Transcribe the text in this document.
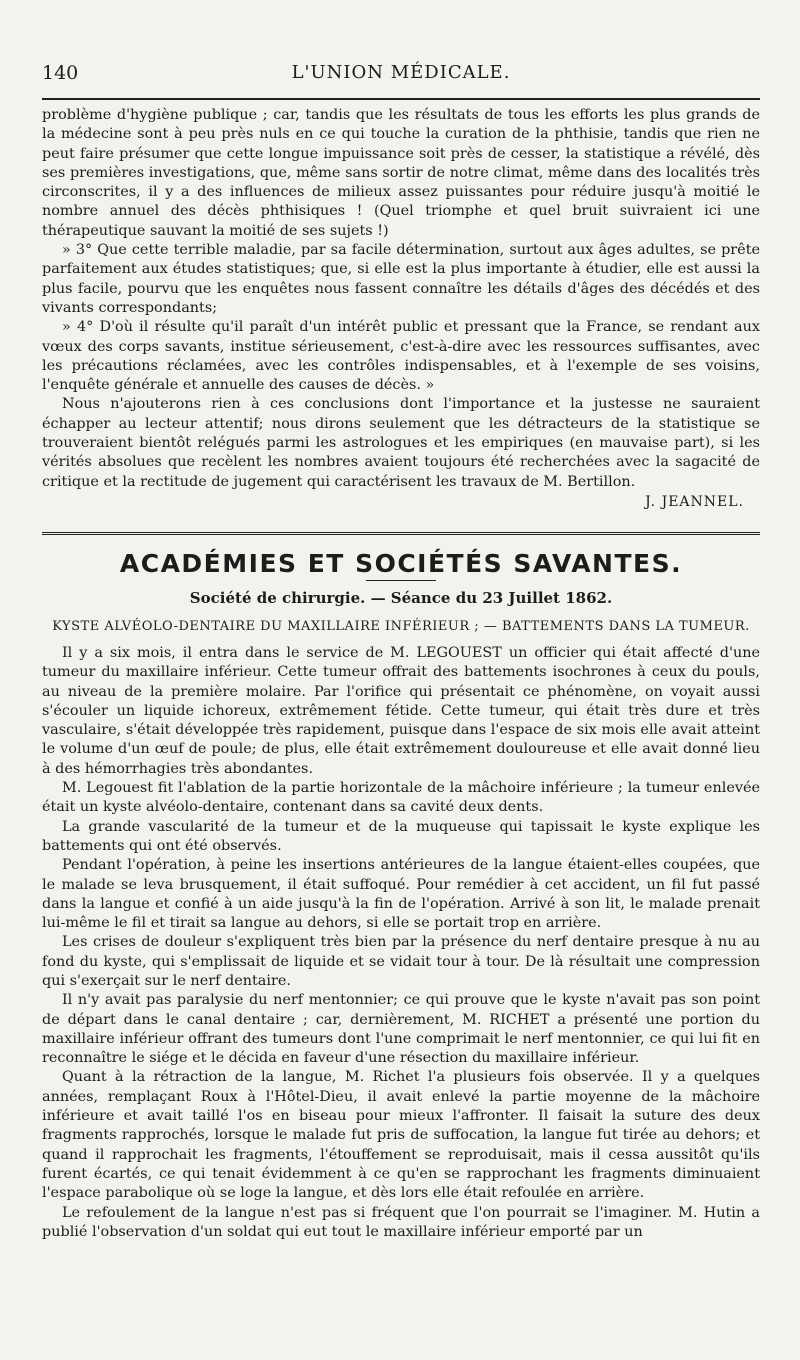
140	L'UNION MÉDICALE.

problème d'hygiène publique ; car, tandis que les résultats de tous les efforts les plus grands de la médecine sont à peu près nuls en ce qui touche la curation de la phthisie, tandis que rien ne peut faire présumer que cette longue impuissance soit près de cesser, la statistique a révélé, dès ses premières investigations, que, même sans sortir de notre climat, même dans des localités très circonscrites, il y a des influences de milieux assez puissantes pour réduire jusqu'à moitié le nombre annuel des décès phthisiques ! (Quel triomphe et quel bruit suivraient ici une thérapeutique sauvant la moitié de ses sujets !)

» 3° Que cette terrible maladie, par sa facile détermination, surtout aux âges adultes, se prête parfaitement aux études statistiques; que, si elle est la plus importante à étudier, elle est aussi la plus facile, pourvu que les enquêtes nous fassent connaître les détails d'âges des décédés et des vivants correspondants;

» 4° D'où il résulte qu'il paraît d'un intérêt public et pressant que la France, se rendant aux vœux des corps savants, institue sérieusement, c'est-à-dire avec les ressources suffisantes, avec les précautions réclamées, avec les contrôles indispensables, et à l'exemple de ses voisins, l'enquête générale et annuelle des causes de décès. »

Nous n'ajouterons rien à ces conclusions dont l'importance et la justesse ne sauraient échapper au lecteur attentif; nous dirons seulement que les détracteurs de la statistique se trouveraient bientôt relégués parmi les astrologues et les empiriques (en mauvaise part), si les vérités absolues que recèlent les nombres avaient toujours été recherchées avec la sagacité de critique et la rectitude de jugement qui caractérisent les travaux de M. Bertillon.

J. JEANNEL.
ACADÉMIES ET SOCIÉTÉS SAVANTES.
Société de chirurgie. — Séance du 23 Juillet 1862.
KYSTE ALVÉOLO-DENTAIRE DU MAXILLAIRE INFÉRIEUR ; — BATTEMENTS DANS LA TUMEUR.

Il y a six mois, il entra dans le service de M. LEGOUEST un officier qui était affecté d'une tumeur du maxillaire inférieur. Cette tumeur offrait des battements isochrones à ceux du pouls, au niveau de la première molaire. Par l'orifice qui présentait ce phénomène, on voyait aussi s'écouler un liquide ichoreux, extrêmement fétide. Cette tumeur, qui était très dure et très vasculaire, s'était développée très rapidement, puisque dans l'espace de six mois elle avait atteint le volume d'un œuf de poule; de plus, elle était extrêmement douloureuse et elle avait donné lieu à des hémorrhagies très abondantes.

M. Legouest fit l'ablation de la partie horizontale de la mâchoire inférieure ; la tumeur enlevée était un kyste alvéolo-dentaire, contenant dans sa cavité deux dents.

La grande vascularité de la tumeur et de la muqueuse qui tapissait le kyste explique les battements qui ont été observés.

Pendant l'opération, à peine les insertions antérieures de la langue étaient-elles coupées, que le malade se leva brusquement, il était suffoqué. Pour remédier à cet accident, un fil fut passé dans la langue et confié à un aide jusqu'à la fin de l'opération. Arrivé à son lit, le malade prenait lui-même le fil et tirait sa langue au dehors, si elle se portait trop en arrière.

Les crises de douleur s'expliquent très bien par la présence du nerf dentaire presque à nu au fond du kyste, qui s'emplissait de liquide et se vidait tour à tour. De là résultait une compression qui s'exerçait sur le nerf dentaire.

Il n'y avait pas paralysie du nerf mentonnier; ce qui prouve que le kyste n'avait pas son point de départ dans le canal dentaire ; car, dernièrement, M. RICHET a présenté une portion du maxillaire inférieur offrant des tumeurs dont l'une comprimait le nerf mentonnier, ce qui lui fit en reconnaître le siége et le décida en faveur d'une résection du maxillaire inférieur.

Quant à la rétraction de la langue, M. Richet l'a plusieurs fois observée. Il y a quelques années, remplaçant Roux à l'Hôtel-Dieu, il avait enlevé la partie moyenne de la mâchoire inférieure et avait taillé l'os en biseau pour mieux l'affronter. Il faisait la suture des deux fragments rapprochés, lorsque le malade fut pris de suffocation, la langue fut tirée au dehors; et quand il rapprochait les fragments, l'étouffement se reproduisait, mais il cessa aussitôt qu'ils furent écartés, ce qui tenait évidemment à ce qu'en se rapprochant les fragments diminuaient l'espace parabolique où se loge la langue, et dès lors elle était refoulée en arrière.

Le refoulement de la langue n'est pas si fréquent que l'on pourrait se l'imaginer. M. Hutin a publié l'observation d'un soldat qui eut tout le maxillaire inférieur emporté par un
